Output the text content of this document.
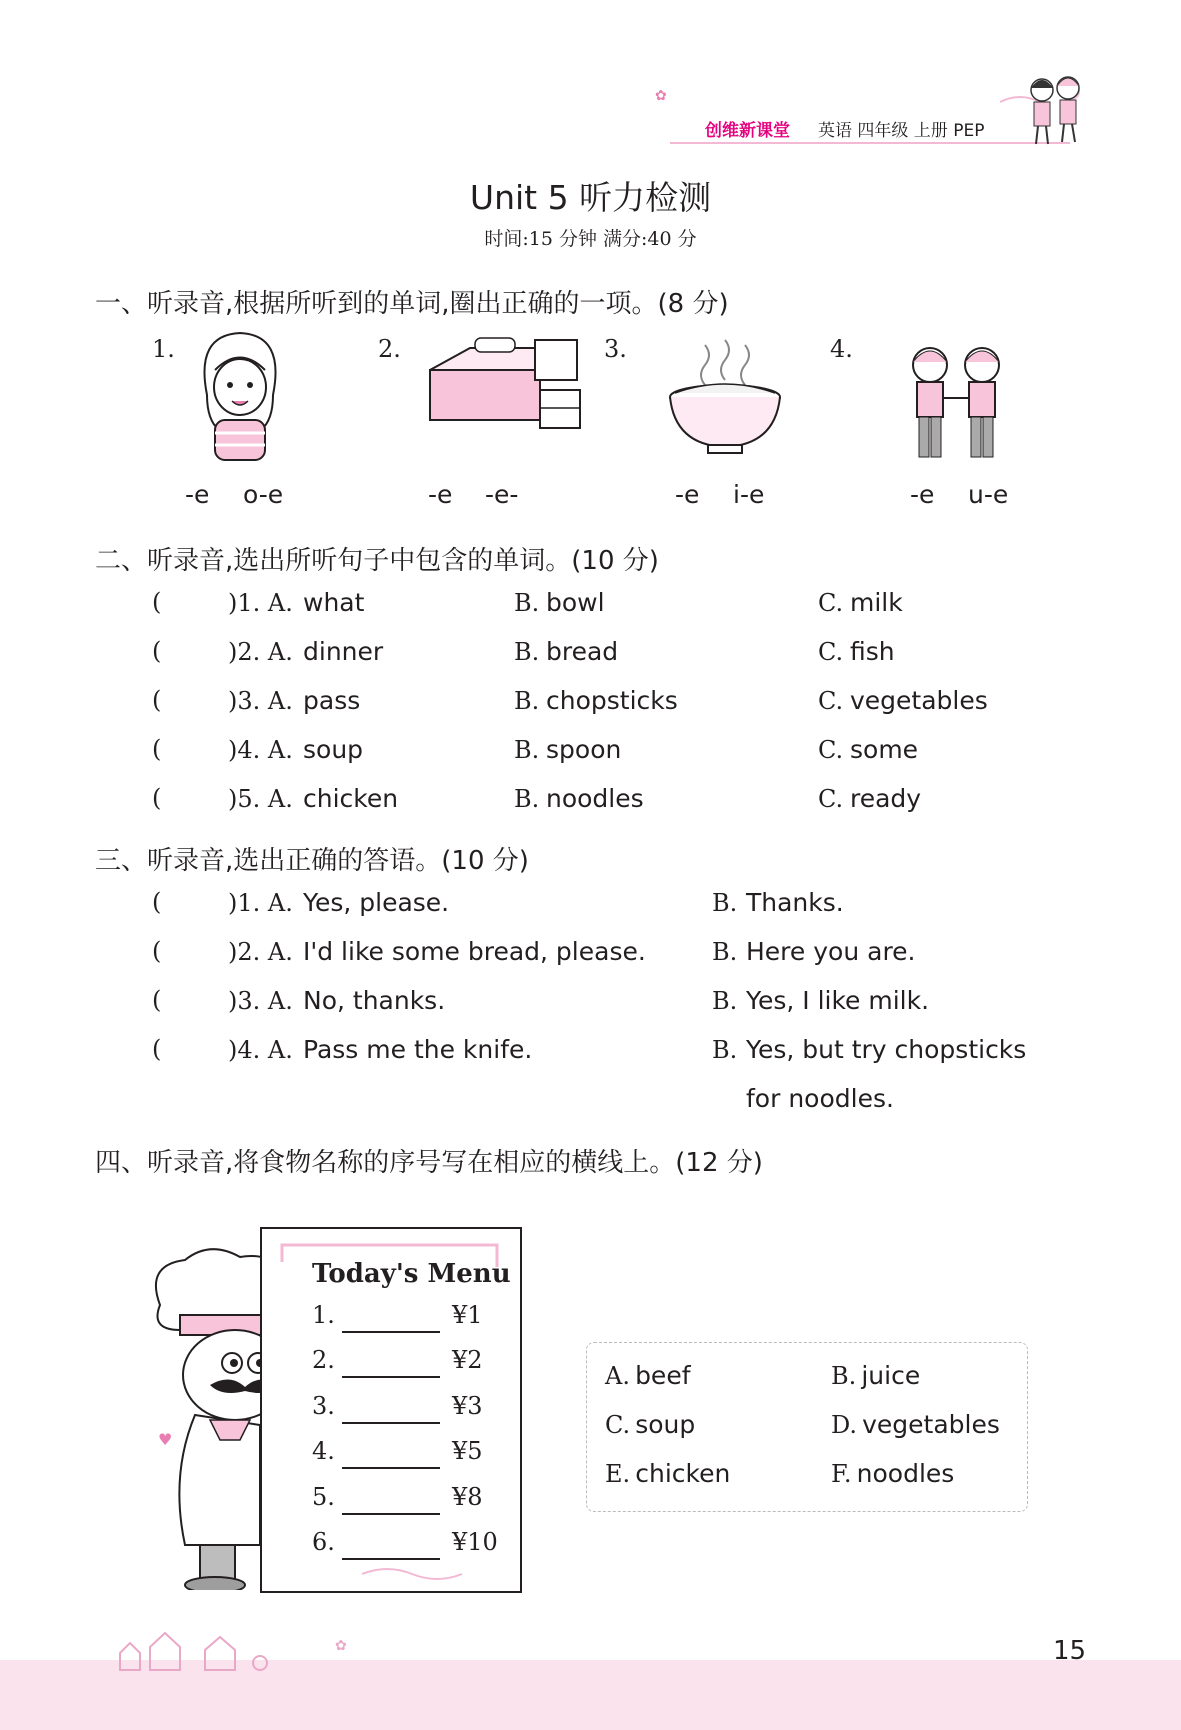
✿
创维新课堂 英语 四年级 上册 PEP
Unit 5 听力检测
时间:15 分钟 满分:40 分
一、听录音,根据所听到的单词,圈出正确的一项。(8 分)
1.	2.	3.	4.
-e o-e	-e -e-	-e i-e	-e u-e
二、听录音,选出所听句子中包含的单词。(10 分)
(	)1. A. what	B. bowl	C. milk
(	)2. A. dinner	B. bread	C. fish
(	)3. A. pass	B. chopsticks	C. vegetables
(	)4. A. soup	B. spoon	C. some
(	)5. A. chicken	B. noodles	C. ready
三、听录音,选出正确的答语。(10 分)
(	)1. A. Yes, please.	B. Thanks.
(	)2. A. I'd like some bread, please.	B. Here you are.
(	)3. A. No, thanks.	B. Yes, I like milk.
(	)4. A. Pass me the knife.	B. Yes, but try chopsticks
for noodles.
四、听录音,将食物名称的序号写在相应的横线上。(12 分)
♥
Today's Menu
1.	¥1
2.	¥2
3.	¥3
4.	¥5
5.	¥8
6.	¥10
A. beef	B. juice
C. soup	D. vegetables
E. chicken	F. noodles
✿	15
